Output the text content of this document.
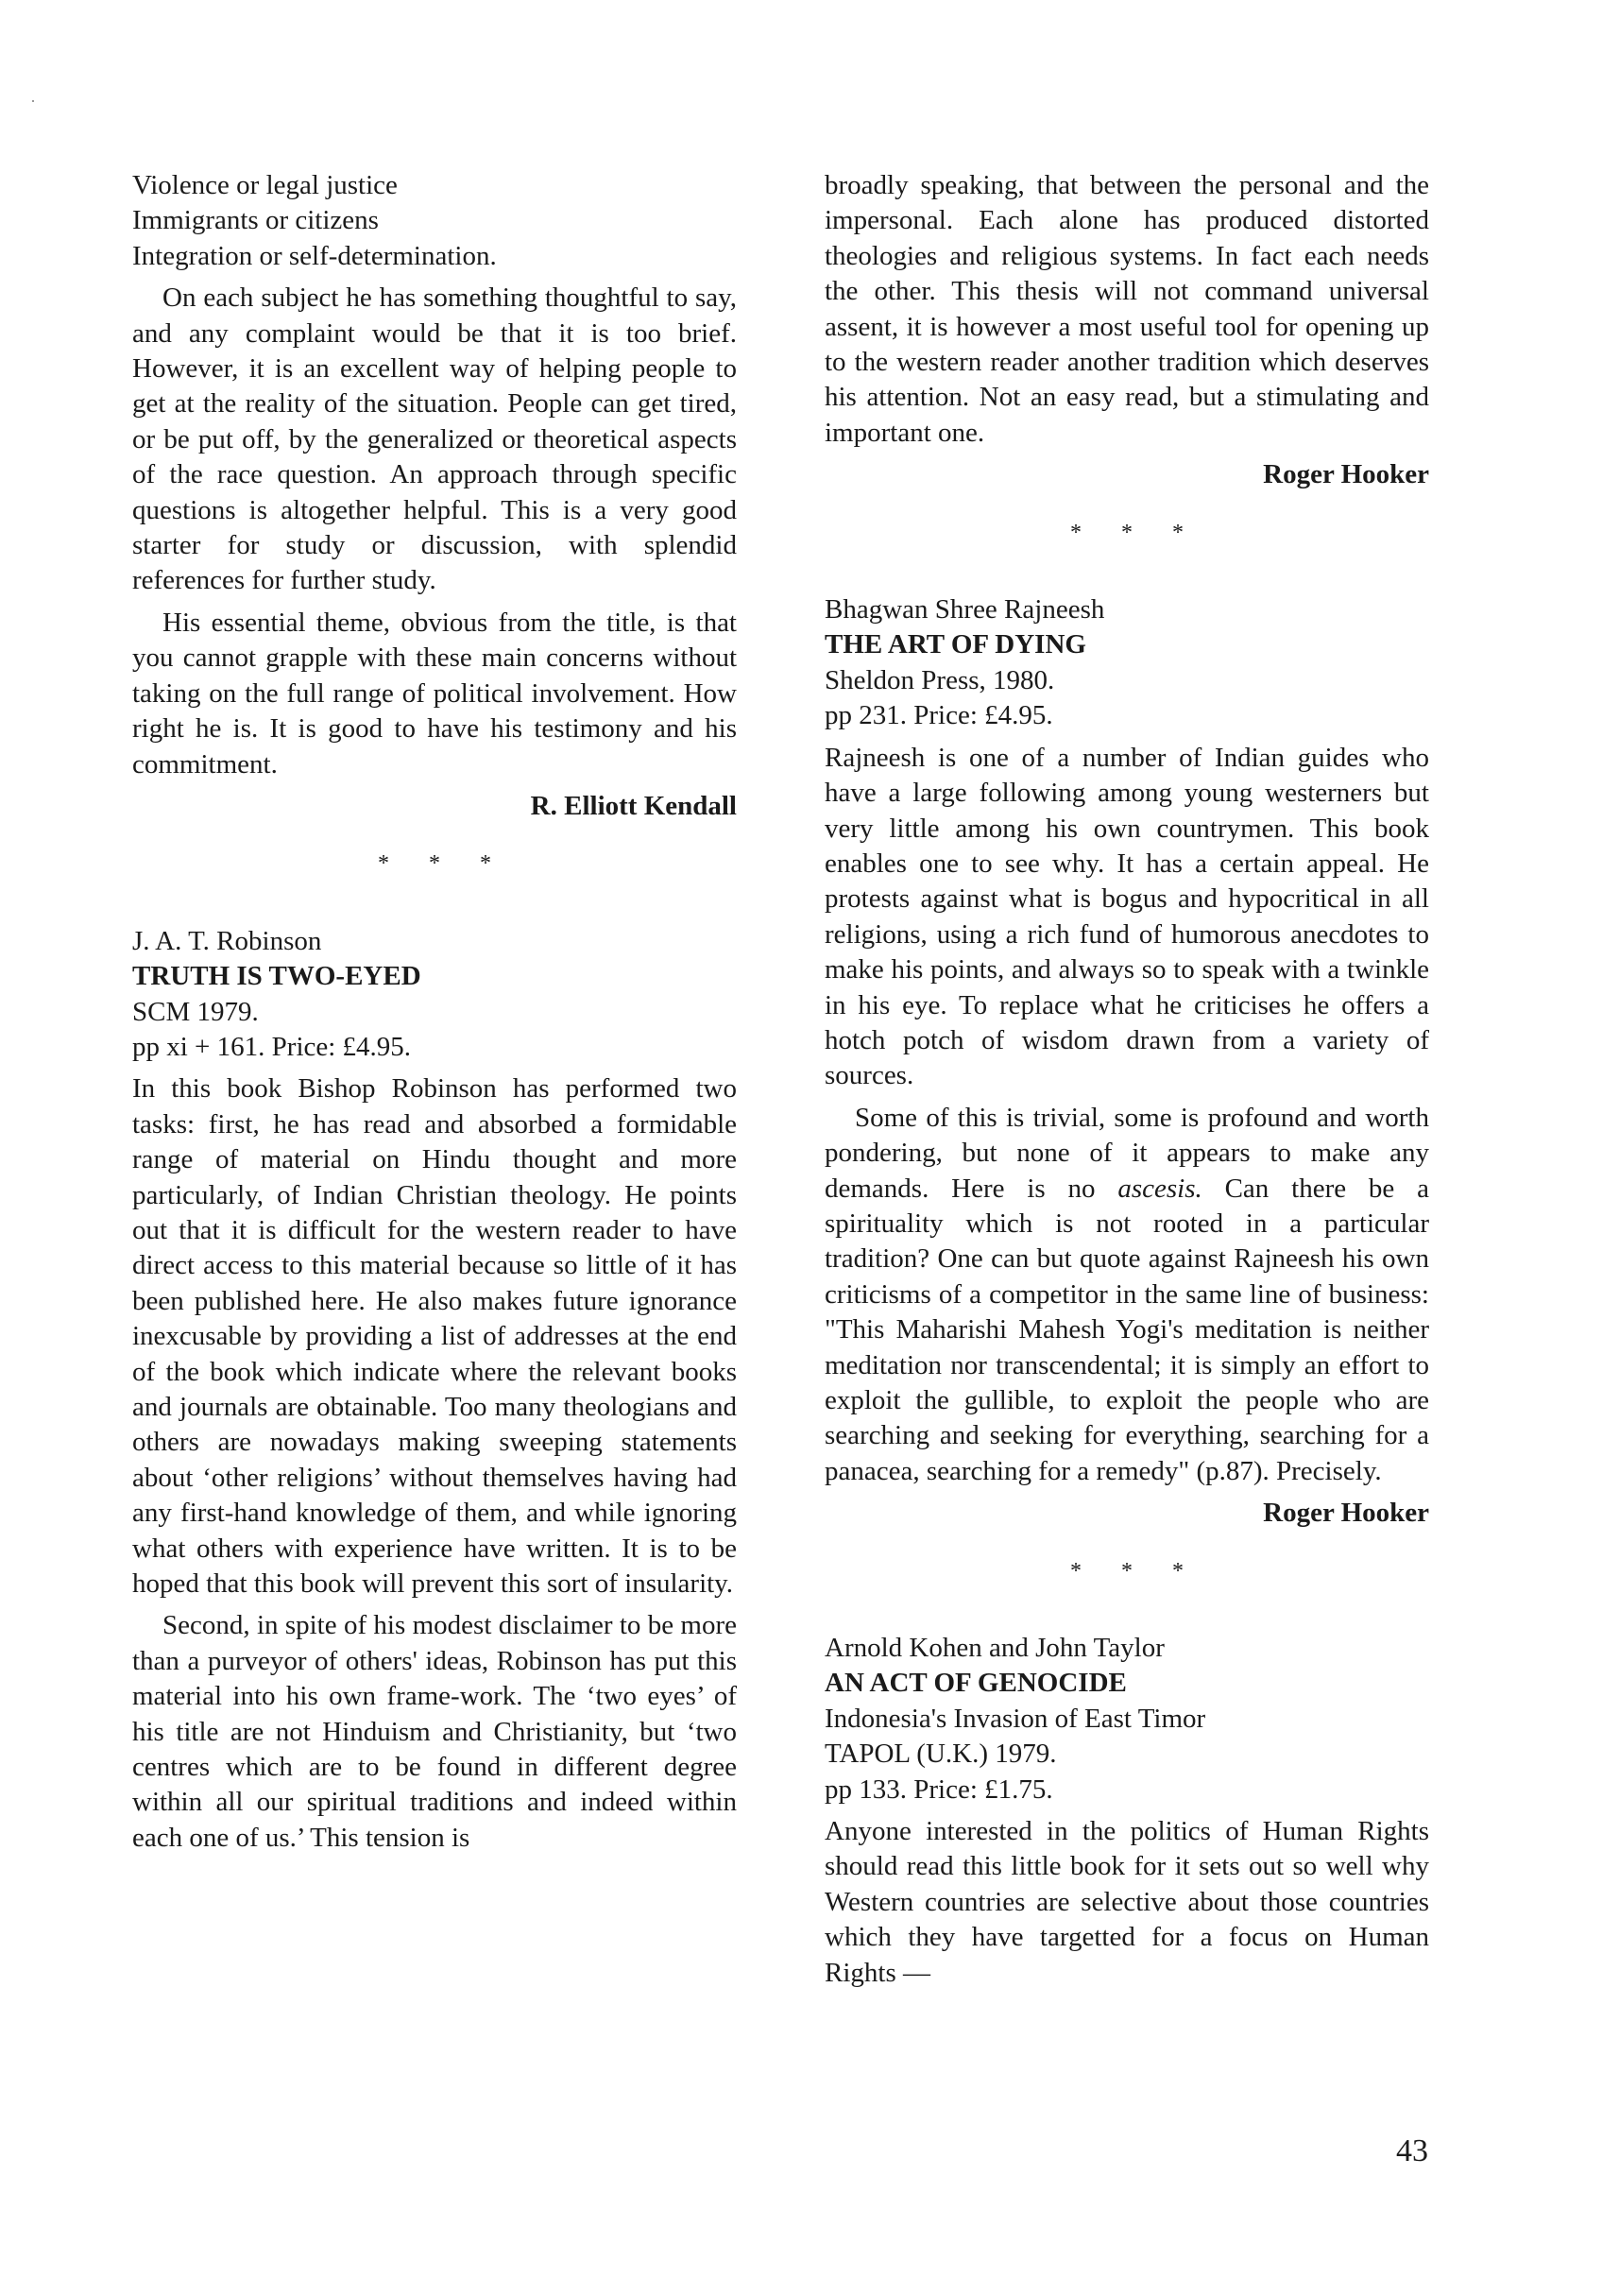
Violence or legal justice
Immigrants or citizens
Integration or self-determination.

On each subject he has something thoughtful to say, and any complaint would be that it is too brief. However, it is an excellent way of helping people to get at the reality of the situation. People can get tired, or be put off, by the generalized or theoretical aspects of the race question. An approach through specific questions is altogether helpful. This is a very good starter for study or discussion, with splendid references for further study.

His essential theme, obvious from the title, is that you cannot grapple with these main concerns without taking on the full range of political involvement. How right he is. It is good to have his testimony and his commitment.

R. Elliott Kendall

* * *
J. A. T. Robinson
TRUTH IS TWO-EYED
SCM 1979.
pp xi + 161. Price: £4.95.

In this book Bishop Robinson has performed two tasks: first, he has read and absorbed a formidable range of material on Hindu thought and more particularly, of Indian Christian theology. He points out that it is difficult for the western reader to have direct access to this material because so little of it has been published here. He also makes future ignorance inexcusable by providing a list of addresses at the end of the book which indicate where the relevant books and journals are obtainable. Too many theologians and others are nowadays making sweeping statements about ‘other religions’ without themselves having had any first-hand knowledge of them, and while ignoring what others with experience have written. It is to be hoped that this book will prevent this sort of insularity.

Second, in spite of his modest disclaimer to be more than a purveyor of others' ideas, Robinson has put this material into his own frame-work. The ‘two eyes’ of his title are not Hinduism and Christianity, but ‘two centres which are to be found in different degree within all our spiritual traditions and indeed within each one of us.’ This tension is

broadly speaking, that between the personal and the impersonal. Each alone has produced distorted theologies and religious systems. In fact each needs the other. This thesis will not command universal assent, it is however a most useful tool for opening up to the western reader another tradition which deserves his attention. Not an easy read, but a stimulating and important one.

Roger Hooker

* * *
Bhagwan Shree Rajneesh
THE ART OF DYING
Sheldon Press, 1980.
pp 231. Price: £4.95.

Rajneesh is one of a number of Indian guides who have a large following among young westerners but very little among his own countrymen. This book enables one to see why. It has a certain appeal. He protests against what is bogus and hypocritical in all religions, using a rich fund of humorous anecdotes to make his points, and always so to speak with a twinkle in his eye. To replace what he criticises he offers a hotch potch of wisdom drawn from a variety of sources.

Some of this is trivial, some is profound and worth pondering, but none of it appears to make any demands. Here is no ascesis. Can there be a spirituality which is not rooted in a particular tradition? One can but quote against Rajneesh his own criticisms of a competitor in the same line of business: "This Maharishi Mahesh Yogi's meditation is neither meditation nor transcendental; it is simply an effort to exploit the gullible, to exploit the people who are searching and seeking for everything, searching for a panacea, searching for a remedy" (p.87). Precisely.

Roger Hooker

* * *
Arnold Kohen and John Taylor
AN ACT OF GENOCIDE
Indonesia's Invasion of East Timor
TAPOL (U.K.) 1979.
pp 133. Price: £1.75.

Anyone interested in the politics of Human Rights should read this little book for it sets out so well why Western countries are selective about those countries which they have targetted for a focus on Human Rights —

43
